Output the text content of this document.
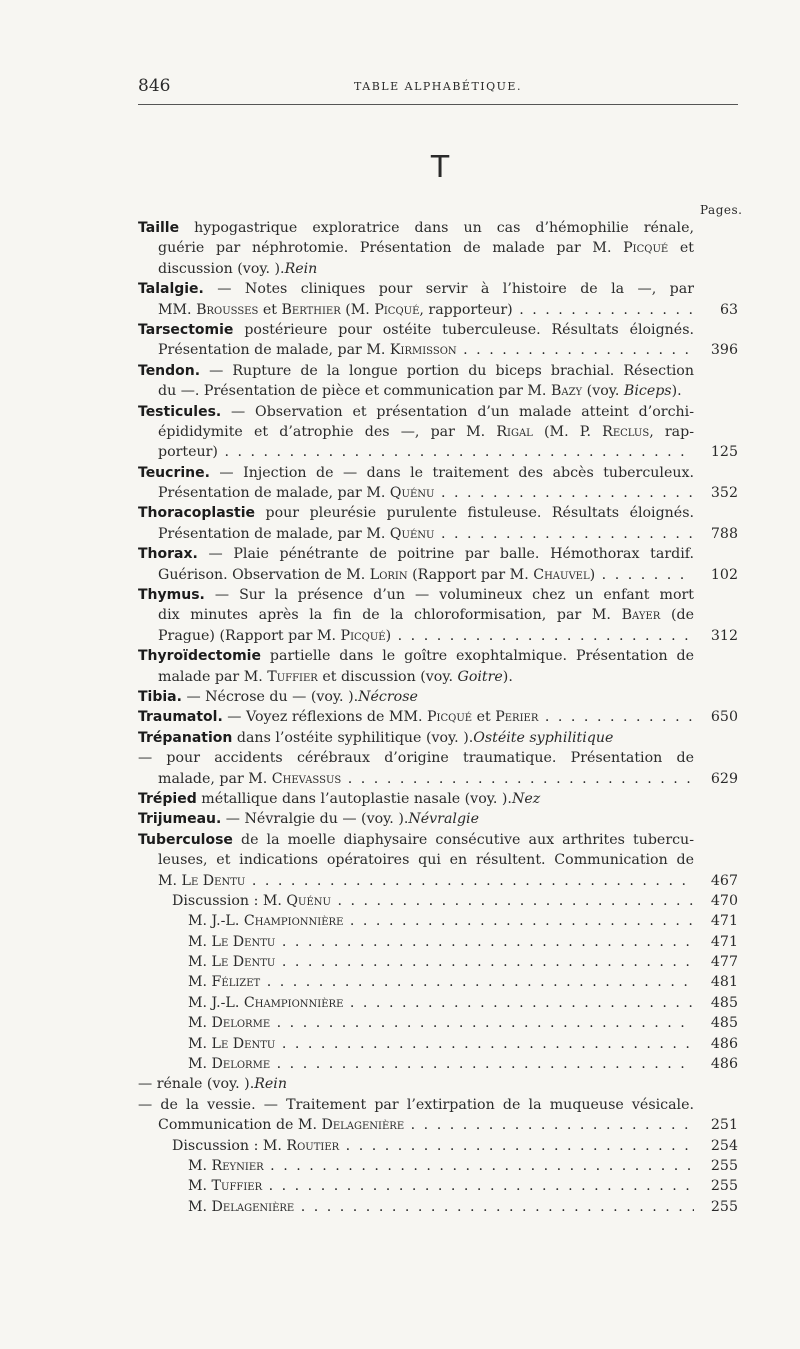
846	TABLE ALPHABÉTIQUE.
T
Pages.
Taille hypogastrique exploratrice dans un cas d’hémophilie rénale,
guérie par néphrotomie. Présentation de malade par M. Picqué et
discussion (voy. ).Rein
Talalgie. — Notes cliniques pour servir à l’histoire de la —, par
MM. Brousses et Berthier (M. Picqué, rapporteur) . . .	63
Tarsectomie postérieure pour ostéite tuberculeuse. Résultats éloignés.
Présentation de malade, par M. Kirmisson . . .	396
Tendon. — Rupture de la longue portion du biceps brachial. Résection
du —. Présentation de pièce et communication par M. Bazy (voy. Biceps).
Testicules. — Observation et présentation d’un malade atteint d’orchi-
épididymite et d’atrophie des —, par M. Rigal (M. P. Reclus, rap-
porteur) . . .	125
Teucrine. — Injection de — dans le traitement des abcès tuberculeux.
Présentation de malade, par M. Quénu . . .	352
Thoracoplastie pour pleurésie purulente fistuleuse. Résultats éloignés.
Présentation de malade, par M. Quénu . . .	788
Thorax. — Plaie pénétrante de poitrine par balle. Hémothorax tardif.
Guérison. Observation de M. Lorin (Rapport par M. Chauvel) . . .	102
Thymus. — Sur la présence d’un — volumineux chez un enfant mort
dix minutes après la fin de la chloroformisation, par M. Bayer (de
Prague) (Rapport par M. Picqué) . . .	312
Thyroïdectomie partielle dans le goître exophtalmique. Présentation de
malade par M. Tuffier et discussion (voy. Goitre).
Tibia. — Nécrose du — (voy. ).Nécrose
Traumatol. — Voyez réflexions de MM. Picqué et Perier . . .	650
Trépanation dans l’ostéite syphilitique (voy. ).Ostéite syphilitique
— pour accidents cérébraux d’origine traumatique. Présentation de
malade, par M. Chevassus . . .	629
Trépied métallique dans l’autoplastie nasale (voy. ).Nez
Trijumeau. — Névralgie du — (voy. ).Névralgie
Tuberculose de la moelle diaphysaire consécutive aux arthrites tubercu-
leuses, et indications opératoires qui en résultent. Communication de
M. Le Dentu . . .	467
Discussion : M. Quénu . . .	470
M. J.-L. Championnière . . .	471
M. Le Dentu . . .	471
M. Le Dentu . . .	477
M. Félizet . . .	481
M. J.-L. Championnière . . .	485
M. Delorme . . .	485
M. Le Dentu . . .	486
M. Delorme . . .	486
— rénale (voy. ).Rein
— de la vessie. — Traitement par l’extirpation de la muqueuse vésicale.
Communication de M. Delagenière . . .	251
Discussion : M. Routier . . .	254
M. Reynier . . .	255
M. Tuffier . . .	255
M. Delagenière . . .	255
